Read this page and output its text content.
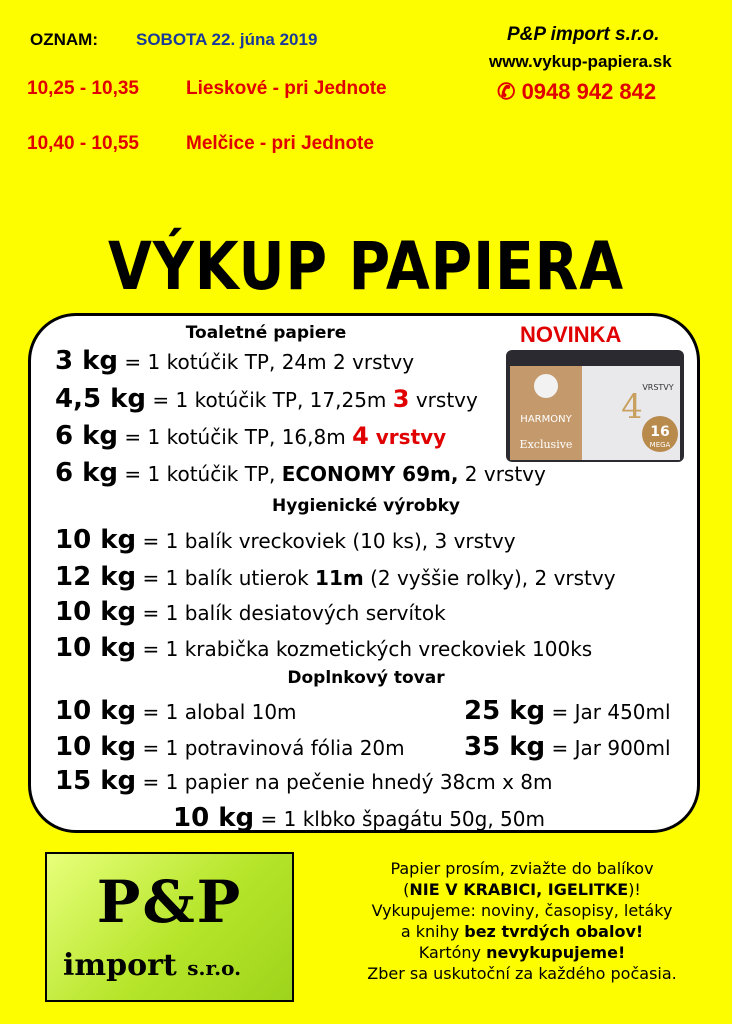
OZNAM: SOBOTA 22. júna 2019	P&P import s.r.o.
www.vykup-papiera.sk
✆ 0948 942 842
10,25 - 10,35 Lieskové - pri Jednote
10,40 - 10,55 Melčice - pri Jednote
VÝKUP PAPIERA
NOVINKA
HARMONY
Exclusive
VRSTVY
4
16
MEGA
Toaletné papiere
3 kg = 1 kotúčik TP, 24m 2 vrstvy
4,5 kg = 1 kotúčik TP, 17,25m 3 vrstvy
6 kg = 1 kotúčik TP, 16,8m 4 vrstvy
6 kg = 1 kotúčik TP, ECONOMY 69m, 2 vrstvy
Hygienické výrobky
10 kg = 1 balík vreckoviek (10 ks), 3 vrstvy
12 kg = 1 balík utierok 11m (2 vyššie rolky), 2 vrstvy
10 kg = 1 balík desiatových servítok
10 kg = 1 krabička kozmetických vreckoviek 100ks
Doplnkový tovar
10 kg = 1 alobal 10m	25 kg = Jar 450ml
10 kg = 1 potravinová fólia 20m 35 kg = Jar 900ml
15 kg = 1 papier na pečenie hnedý 38cm x 8m
10 kg = 1 klbko špagátu 50g, 50m
P&P
import s.r.o.
Papier prosím, zviažte do balíkov
(NIE V KRABICI, IGELITKE)!
Vykupujeme: noviny, časopisy, letáky
a knihy bez tvrdých obalov!
Kartóny nevykupujeme!
Zber sa uskutoční za každého počasia.
